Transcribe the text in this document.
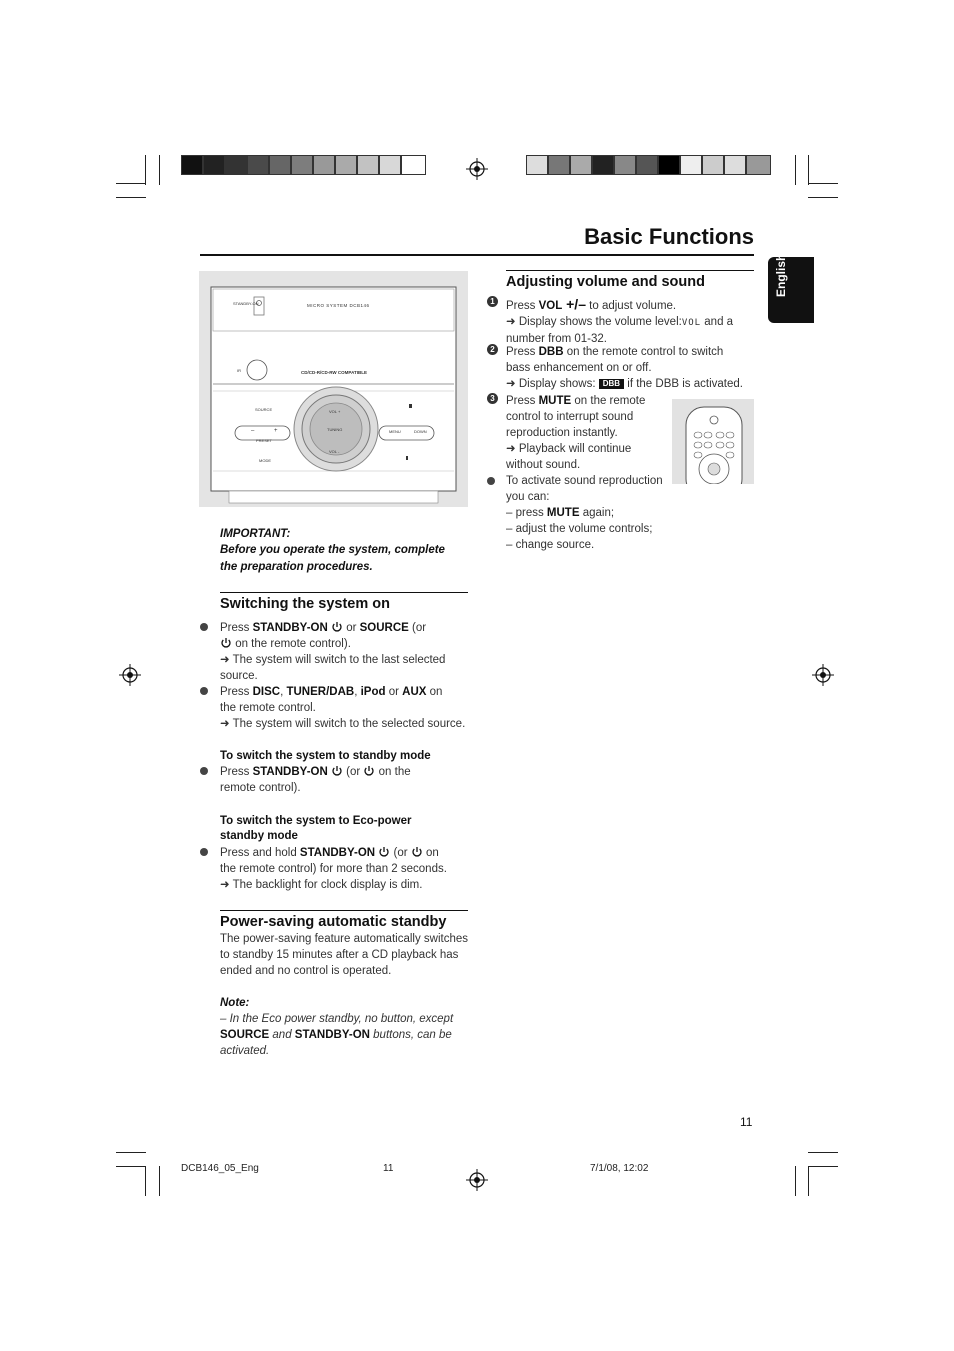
Basic Functions
English
STANDBY-ON	MICRO SYSTEM DCB146
IR	CD/CD-R/CD-RW COMPATIBLE
SOURCE
MODE
TUNING
VOL +
VOL -
MENU	DOWN
PRESET
–	+
IMPORTANT:
Before you operate the system, complete
the preparation procedures.
Switching the system on
Press STANDBY-ON  or SOURCE (or
on the remote control).
➜ The system will switch to the last selected
source.
Press DISC, TUNER/DAB, iPod or AUX on
the remote control.
➜ The system will switch to the selected source.
To switch the system to standby mode
Press STANDBY-ON  (or  on the
remote control).
To switch the system to Eco-power
standby mode
Press and hold STANDBY-ON  (or  on
the remote control) for more than 2 seconds.
➜ The backlight for clock display is dim.
Power-saving automatic standby
The power-saving feature automatically switches
to standby 15 minutes after a CD playback has
ended and no control is operated.
Note:
– In the Eco power standby, no button, except
SOURCE and STANDBY-ON buttons, can be
activated.
Adjusting volume and sound
1 Press VOL +/– to adjust volume.
➜ Display shows the volume level:VOL and a
number from 01-32.
2 Press DBB on the remote control to switch
bass enhancement on or off.
➜ Display shows: DBB if the DBB is activated.
3 Press MUTE on the remote
control to interrupt sound
reproduction instantly.
➜ Playback will continue
without sound.
To activate sound reproduction
you can:
– press MUTE again;
– adjust the volume controls;
– change source.
11
DCB146_05_Eng	11	7/1/08, 12:02
